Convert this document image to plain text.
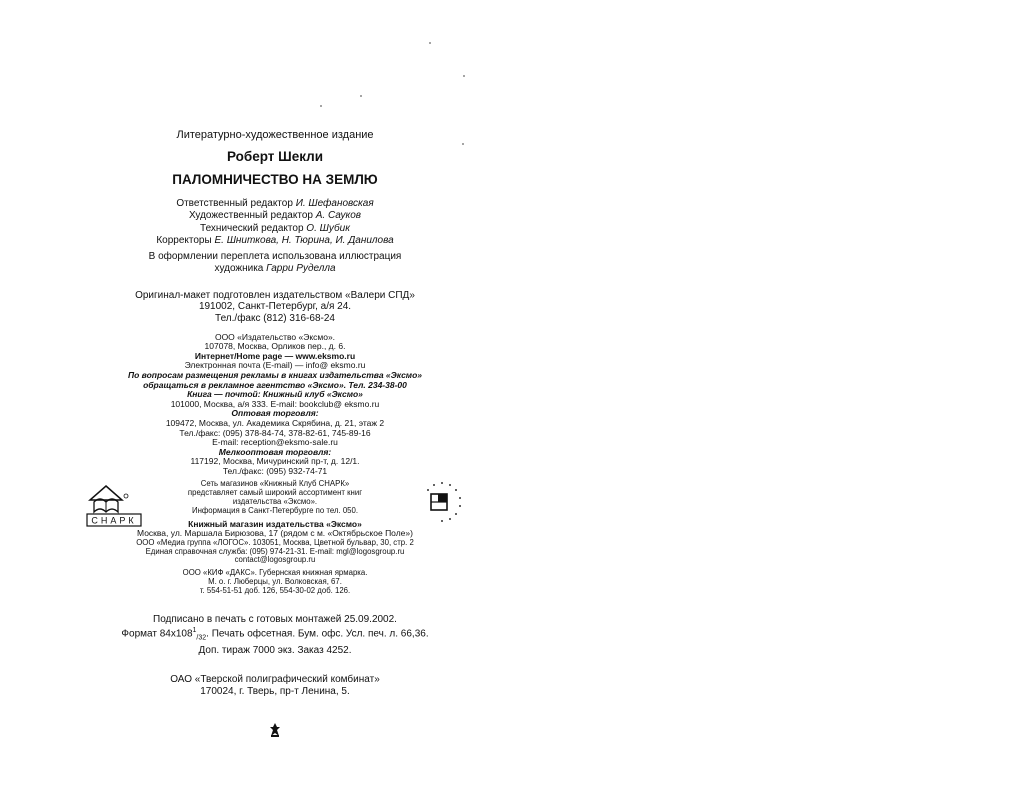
Литературно-художественное издание
Роберт Шекли
ПАЛОМНИЧЕСТВО НА ЗЕМЛЮ
Ответственный редактор И. Шефановская
Художественный редактор А. Сауков
Технический редактор О. Шубик
Корректоры Е. Шниткова, Н. Тюрина, И. Данилова
В оформлении переплета использована иллюстрация
художника Гарри Руделла
Оригинал-макет подготовлен издательством «Валери СПД»
191002, Санкт-Петербург, а/я 24.
Тел./факс (812) 316-68-24
ООО «Издательство «Эксмо».
107078, Москва, Орликов пер., д. 6.
Интернет/Home page — www.eksmo.ru
Электронная почта (E-mail) — info@ eksmo.ru
По вопросам размещения рекламы в книгах издательства «Эксмо»
обращаться в рекламное агентство «Эксмо». Тел. 234-38-00
Книга — почтой: Книжный клуб «Эксмо»
101000, Москва, а/я 333. E-mail: bookclub@ eksmo.ru
Оптовая торговля:
109472, Москва, ул. Академика Скрябина, д. 21, этаж 2
Тел./факс: (095) 378-84-74, 378-82-61, 745-89-16
E-mail: reception@eksmo-sale.ru
Мелкооптовая торговля:
117192, Москва, Мичуринский пр-т, д. 12/1.
Тел./факс: (095) 932-74-71
Сеть магазинов «Книжный Клуб СНАРК»
представляет самый широкий ассортимент книг
издательства «Эксмо».
Информация в Санкт-Петербурге по тел. 050.
Книжный магазин издательства «Эксмо»
Москва, ул. Маршала Бирюзова, 17 (рядом с м. «Октябрьское Поле»)
ООО «Медиа группа «ЛОГОС». 103051, Москва, Цветной бульвар, 30, стр. 2
Единая справочная служба: (095) 974-21-31. E-mail: mgl@logosgroup.ru
contact@logosgroup.ru
ООО «КИФ «ДАКС». Губернская книжная ярмарка.
М. о. г. Люберцы, ул. Волковская, 67.
т. 554-51-51 доб. 126, 554-30-02 доб. 126.
Подписано в печать с готовых монтажей 25.09.2002.
Формат $84х108^1_{/32}$. Печать офсетная. Бум. офс. Усл. печ. л. 66,36.
Доп. тираж 7000 экз. Заказ 4252.
ОАО «Тверской полиграфический комбинат»
170024, г. Тверь, пр-т Ленина, 5.
СНАРК
